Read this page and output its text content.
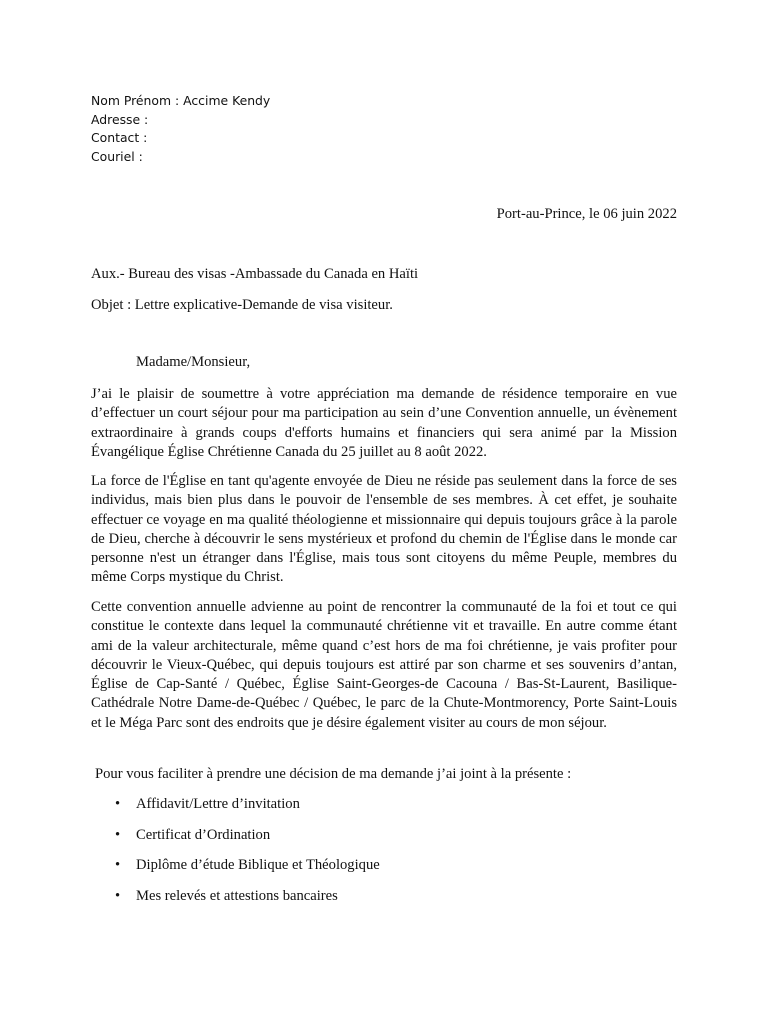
Nom Prénom : Accime Kendy
Adresse :
Contact :
Couriel :
Port-au-Prince, le 06 juin 2022
Aux.- Bureau des visas -Ambassade du Canada en Haïti
Objet : Lettre explicative-Demande de visa visiteur.
Madame/Monsieur,

J’ai le plaisir de soumettre à votre appréciation ma demande de résidence temporaire en vue d’effectuer un court séjour pour ma participation au sein d’une Convention annuelle, un évènement extraordinaire à grands coups d'efforts humains et financiers qui sera animé par la Mission Évangélique Église Chrétienne Canada du 25 juillet au 8 août 2022.

La force de l'Église en tant qu'agente envoyée de Dieu ne réside pas seulement dans la force de ses individus, mais bien plus dans le pouvoir de l'ensemble de ses membres. À cet effet, je souhaite effectuer ce voyage en ma qualité théologienne et missionnaire qui depuis toujours grâce à la parole de Dieu, cherche à découvrir le sens mystérieux et profond du chemin de l'Église dans le monde car personne n'est un étranger dans l'Église, mais tous sont citoyens du même Peuple, membres du même Corps mystique du Christ.

Cette convention annuelle advienne au point de rencontrer la communauté de la foi et tout ce qui constitue le contexte dans lequel la communauté chrétienne vit et travaille. En autre comme étant ami de la valeur architecturale, même quand c’est hors de ma foi chrétienne, je vais profiter pour découvrir le Vieux-Québec, qui depuis toujours est attiré par son charme et ses souvenirs d’antan, Église de Cap-Santé / Québec, Église Saint-Georges-de Cacouna / Bas-St-Laurent, Basilique-Cathédrale Notre Dame-de-Québec / Québec, le parc de la Chute-Montmorency, Porte Saint-Louis et le Méga Parc sont des endroits que je désire également visiter au cours de mon séjour.

Pour vous faciliter à prendre une décision de ma demande j’ai joint à la présente :
• Affidavit/Lettre d’invitation
• Certificat d’Ordination
• Diplôme d’étude Biblique et Théologique
• Mes relevés et attestions bancaires
